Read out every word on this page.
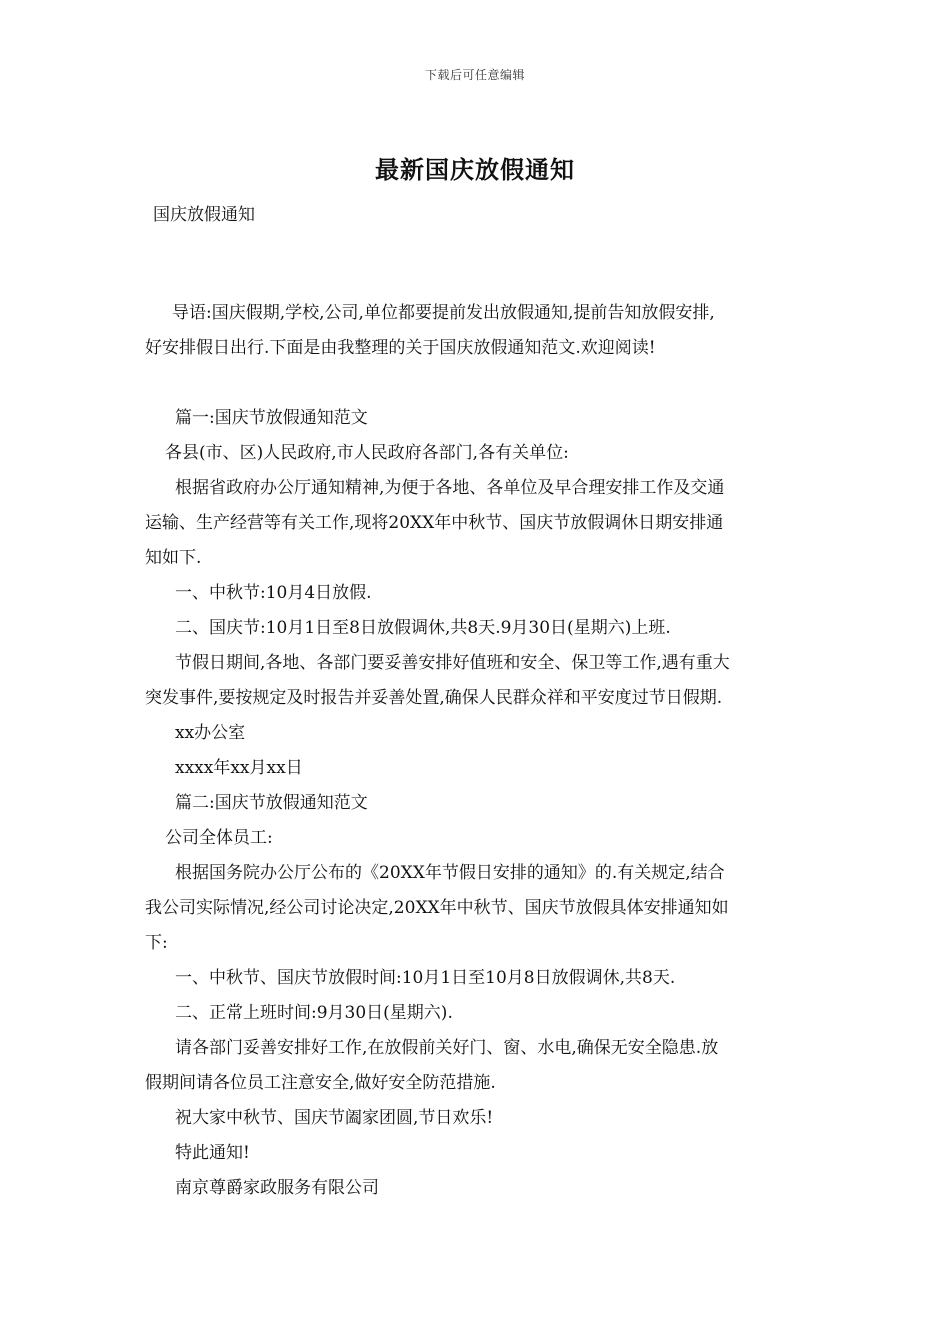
下载后可任意编辑
最新国庆放假通知
国庆放假通知

导语:国庆假期,学校,公司,单位都要提前发出放假通知,提前告知放假安排,

好安排假日出行.下面是由我整理的关于国庆放假通知范文.欢迎阅读!

篇一:国庆节放假通知范文

各县(市、区)人民政府,市人民政府各部门,各有关单位:

根据省政府办公厅通知精神,为便于各地、各单位及早合理安排工作及交通

运输、生产经营等有关工作,现将20XX年中秋节、国庆节放假调休日期安排通

知如下.

一、中秋节:10月4日放假.

二、国庆节:10月1日至8日放假调休,共8天.9月30日(星期六)上班.

节假日期间,各地、各部门要妥善安排好值班和安全、保卫等工作,遇有重大

突发事件,要按规定及时报告并妥善处置,确保人民群众祥和平安度过节日假期.

xx办公室

xxxx年xx月xx日

篇二:国庆节放假通知范文

公司全体员工:

根据国务院办公厅公布的《20XX年节假日安排的通知》的.有关规定,结合

我公司实际情况,经公司讨论决定,20XX年中秋节、国庆节放假具体安排通知如

下:

一、中秋节、国庆节放假时间:10月1日至10月8日放假调休,共8天.

二、正常上班时间:9月30日(星期六).

请各部门妥善安排好工作,在放假前关好门、窗、水电,确保无安全隐患.放

假期间请各位员工注意安全,做好安全防范措施.

祝大家中秋节、国庆节阖家团圆,节日欢乐!

特此通知!

南京尊爵家政服务有限公司
